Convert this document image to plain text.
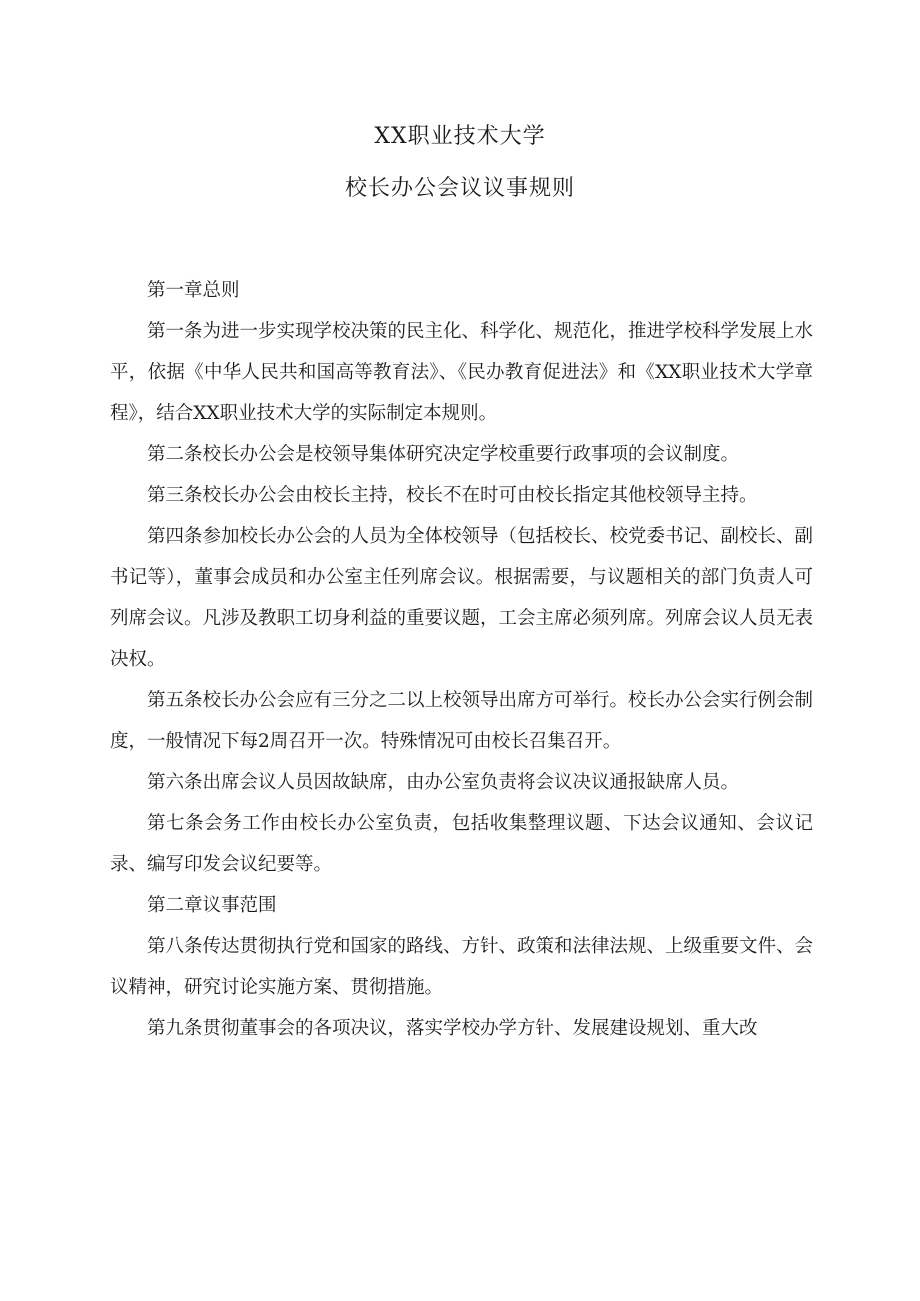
XX职业技术大学
校长办公会议议事规则

第一章总则

第一条为进一步实现学校决策的民主化、科学化、规范化，推进学校科学发展上水平，依据《中华人民共和国高等教育法》、《民办教育促进法》和《XX职业技术大学章程》，结合XX职业技术大学的实际制定本规则。

第二条校长办公会是校领导集体研究决定学校重要行政事项的会议制度。

第三条校长办公会由校长主持，校长不在时可由校长指定其他校领导主持。

第四条参加校长办公会的人员为全体校领导（包括校长、校党委书记、副校长、副书记等），董事会成员和办公室主任列席会议。根据需要，与议题相关的部门负责人可列席会议。凡涉及教职工切身利益的重要议题，工会主席必须列席。列席会议人员无表决权。

第五条校长办公会应有三分之二以上校领导出席方可举行。校长办公会实行例会制度，一般情况下每2周召开一次。特殊情况可由校长召集召开。

第六条出席会议人员因故缺席，由办公室负责将会议决议通报缺席人员。

第七条会务工作由校长办公室负责，包括收集整理议题、下达会议通知、会议记录、编写印发会议纪要等。

第二章议事范围

第八条传达贯彻执行党和国家的路线、方针、政策和法律法规、上级重要文件、会议精神，研究讨论实施方案、贯彻措施。

第九条贯彻董事会的各项决议，落实学校办学方针、发展建设规划、重大改
